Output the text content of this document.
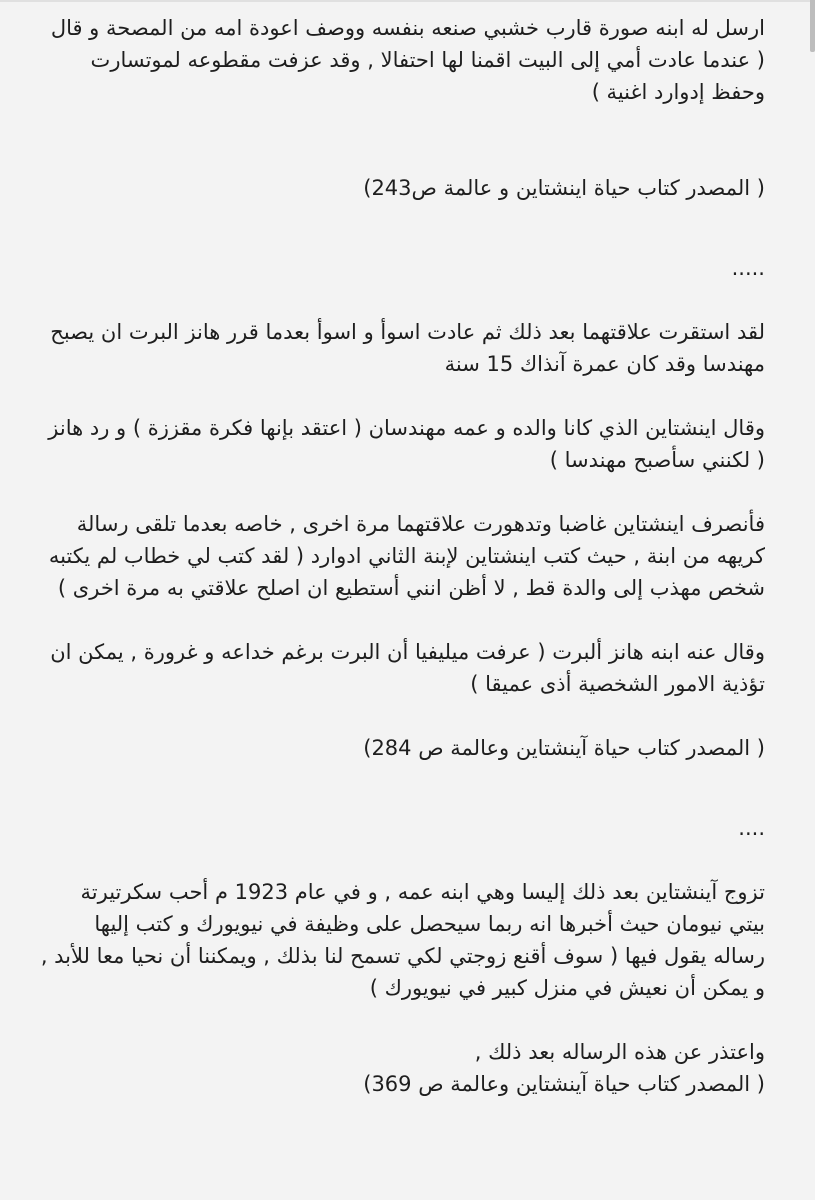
ارسل له ابنه صورة قارب خشبي صنعه بنفسه ووصف اعودة امه من المصحة و قال ( عندما عادت أمي إلى البيت اقمنا لها احتفالا , وقد عزفت مقطوعه لموتسارت وحفظ إدوارد اغنية )

( المصدر كتاب حياة اينشتاين و عالمة ص243)

.....

لقد استقرت علاقتهما بعد ذلك ثم عادت اسوأ و اسوأ بعدما قرر هانز البرت ان يصبح مهندسا وقد كان عمرة آنذاك 15 سنة

وقال اينشتاين الذي كانا والده و عمه مهندسان ( اعتقد بإنها فكرة مقززة ) و رد هانز ( لكنني سأصبح مهندسا )

فأنصرف اينشتاين غاضبا وتدهورت علاقتهما مرة اخرى , خاصه بعدما تلقى رسالة كريهه من ابنة , حيث كتب اينشتاين لإبنة الثاني ادوارد ( لقد كتب لي خطاب لم يكتبه شخص مهذب إلى والدة قط , لا أظن انني أستطيع ان اصلح علاقتي به مرة اخرى )

وقال عنه ابنه هانز ألبرت ( عرفت ميليفيا أن البرت برغم خداعه و غرورة , يمكن ان تؤذية الامور الشخصية أذى عميقا )

( المصدر كتاب حياة آينشتاين وعالمة ص 284)

....

تزوج آينشتاين بعد ذلك إليسا وهي ابنه عمه , و في عام 1923 م أحب سكرتيرتة بيتي نيومان حيث أخبرها انه ربما سيحصل على وظيفة في نيويورك و كتب إليها رساله يقول فيها ( سوف أقنع زوجتي لكي تسمح لنا بذلك , ويمكننا أن نحيا معا للأبد , و يمكن أن نعيش في منزل كبير في نيويورك )

واعتذر عن هذه الرساله بعد ذلك ,

( المصدر كتاب حياة آينشتاين وعالمة ص 369)
